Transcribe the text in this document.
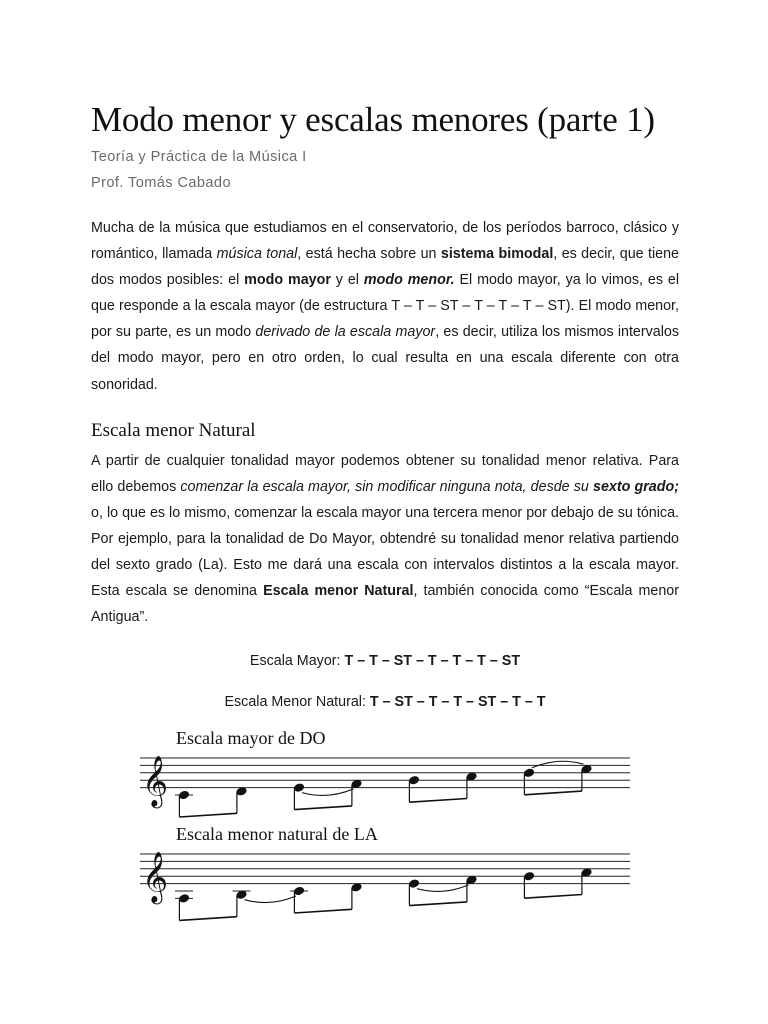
Modo menor y escalas menores (parte 1)

Teoría y Práctica de la Música I

Prof. Tomás Cabado

Mucha de la música que estudiamos en el conservatorio, de los períodos barroco, clásico y romántico, llamada música tonal, está hecha sobre un sistema bimodal, es decir, que tiene dos modos posibles: el modo mayor y el modo menor. El modo mayor, ya lo vimos, es el que responde a la escala mayor (de estructura T – T – ST – T – T – T – ST). El modo menor, por su parte, es un modo derivado de la escala mayor, es decir, utiliza los mismos intervalos del modo mayor, pero en otro orden, lo cual resulta en una escala diferente con otra sonoridad.

Escala menor Natural

A partir de cualquier tonalidad mayor podemos obtener su tonalidad menor relativa. Para ello debemos comenzar la escala mayor, sin modificar ninguna nota, desde su sexto grado; o, lo que es lo mismo, comenzar la escala mayor una tercera menor por debajo de su tónica. Por ejemplo, para la tonalidad de Do Mayor, obtendré su tonalidad menor relativa partiendo del sexto grado (La). Esto me dará una escala con intervalos distintos a la escala mayor. Esta escala se denomina Escala menor Natural, también conocida como “Escala menor Antigua”.

Escala Mayor: T – T – ST – T – T – T – ST
Escala Menor Natural: T – ST – T – T – ST – T – T
Escala mayor de DO
𝄞
Escala menor natural de LA
𝄞
